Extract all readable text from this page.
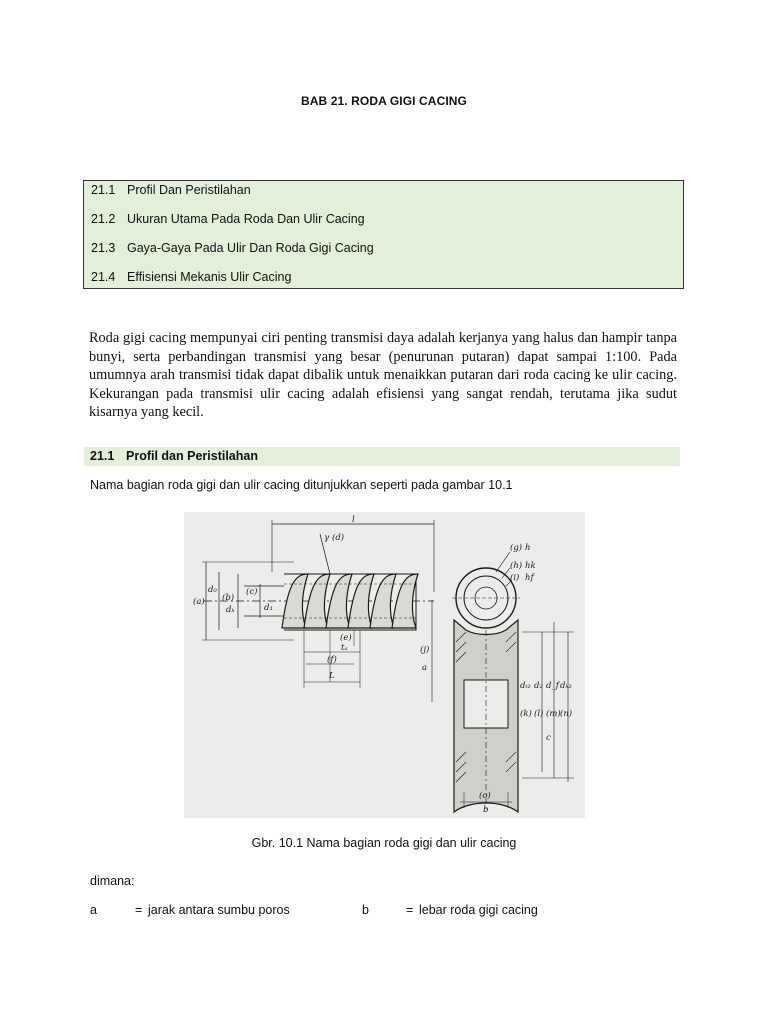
BAB 21. RODA GIGI CACING
21.1 Profil Dan Peristilahan
21.2 Ukuran Utama Pada Roda Dan Ulir Cacing
21.3 Gaya-Gaya Pada Ulir Dan Roda Gigi Cacing
21.4 Effisiensi Mekanis Ulir Cacing
Roda gigi cacing mempunyai ciri penting transmisi daya adalah kerjanya yang halus dan hampir tanpa bunyi, serta perbandingan transmisi yang besar (penurunan putaran) dapat sampai 1:100. Pada umumnya arah transmisi tidak dapat dibalik untuk menaikkan putaran dari roda cacing ke ulir cacing. Kekurangan pada transmisi ulir cacing adalah efisiensi yang sangat rendah, terutama jika sudut kisarnya yang kecil.
21.1 Profil dan Peristilahan
Nama bagian roda gigi dan ulir cacing ditunjukkan seperti pada gambar 10.1
l
γ (d)
(a)
d₀
(b)
dₖ
(c)
d₁
(e)
tₐ
(f)
L
(g) h
(h) hk
(i) hf
(j)
a
dₜ₂ d₂ d_f dₖ₂
(k) (l) (m) (n)
c
(o)
b
Gbr. 10.1 Nama bagian roda gigi dan ulir cacing
dimana:
a	= jarak antara sumbu poros	b	= lebar roda gigi cacing
